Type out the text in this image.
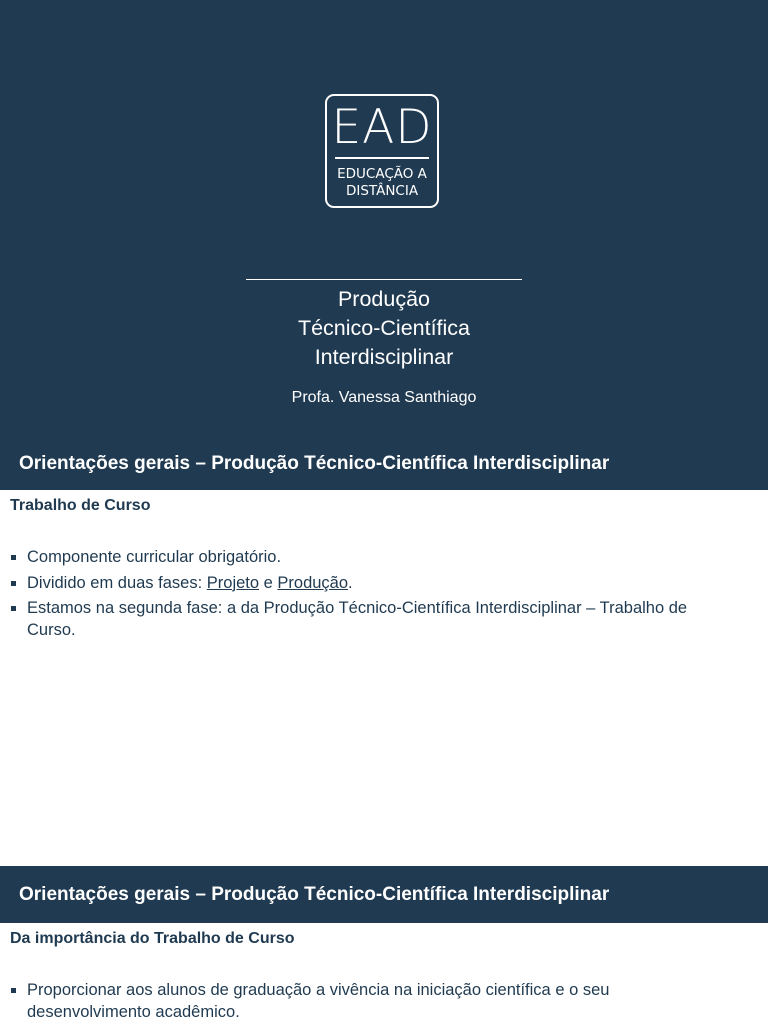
EAD
EDUCAÇÃO A
DISTÂNCIA
Produção
Técnico-Científica
Interdisciplinar
Profa. Vanessa Santhiago
Orientações gerais – Produção Técnico-Científica Interdisciplinar
Trabalho de Curso
Componente curricular obrigatório.
Dividido em duas fases: Projeto e Produção.
Estamos na segunda fase: a da Produção Técnico-Científica Interdisciplinar – Trabalho de Curso.
Orientações gerais – Produção Técnico-Científica Interdisciplinar
Da importância do Trabalho de Curso
Proporcionar aos alunos de graduação a vivência na iniciação científica e o seu desenvolvimento acadêmico.
